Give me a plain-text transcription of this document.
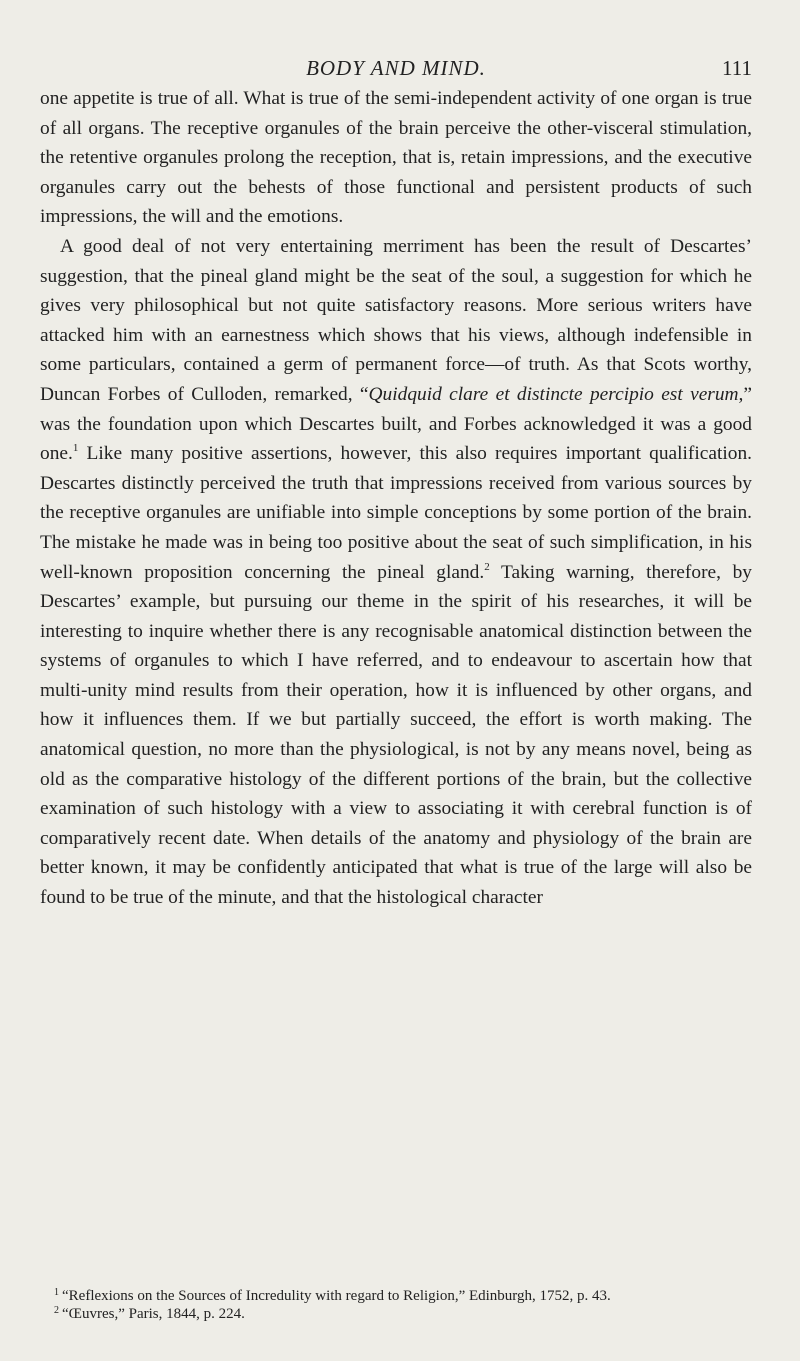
BODY AND MIND.	111

one appetite is true of all. What is true of the semi-independent activity of one organ is true of all organs. The receptive organules of the brain perceive the other-visceral stimulation, the retentive organules prolong the reception, that is, retain impressions, and the executive organules carry out the behests of those functional and persistent products of such impressions, the will and the emotions.

A good deal of not very entertaining merriment has been the result of Descartes’ suggestion, that the pineal gland might be the seat of the soul, a suggestion for which he gives very philosophical but not quite satisfactory reasons. More serious writers have attacked him with an earnestness which shows that his views, although indefensible in some particulars, contained a germ of permanent force—of truth. As that Scots worthy, Duncan Forbes of Culloden, remarked, “Quidquid clare et distincte percipio est verum,” was the foundation upon which Descartes built, and Forbes acknowledged it was a good one.$^1$ Like many positive assertions, however, this also requires important qualification. Descartes distinctly perceived the truth that impressions received from various sources by the receptive organules are unifiable into simple conceptions by some portion of the brain. The mistake he made was in being too positive about the seat of such simplification, in his well-known proposition concerning the pineal gland.$^2$ Taking warning, therefore, by Descartes’ example, but pursuing our theme in the spirit of his researches, it will be interesting to inquire whether there is any recognisable anatomical distinction between the systems of organules to which I have referred, and to endeavour to ascertain how that multi-unity mind results from their operation, how it is influenced by other organs, and how it influences them. If we but partially succeed, the effort is worth making. The anatomical question, no more than the physiological, is not by any means novel, being as old as the comparative histology of the different portions of the brain, but the collective examination of such histology with a view to associating it with cerebral function is of comparatively recent date. When details of the anatomy and physiology of the brain are better known, it may be confidently anticipated that what is true of the large will also be found to be true of the minute, and that the histological character

$^1$ “Reflexions on the Sources of Incredulity with regard to Religion,” Edinburgh, 1752, p. 43.

$^2$ “Œuvres,” Paris, 1844, p. 224.
